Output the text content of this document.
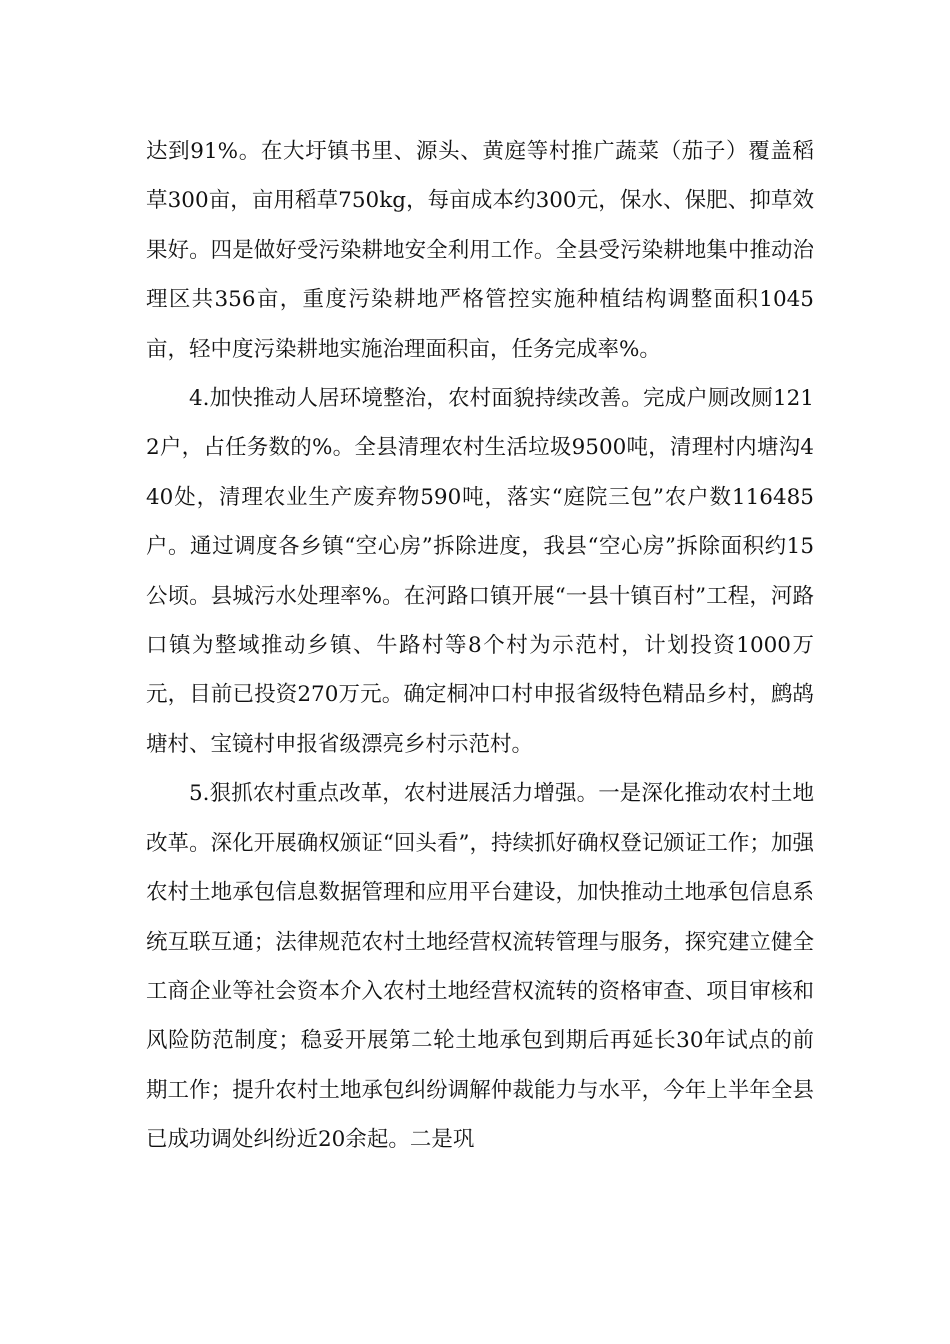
达到91%。在大圩镇书里、源头、黄庭等村推广蔬菜（茄子）覆盖稻草300亩，亩用稻草750kg，每亩成本约300元，保水、保肥、抑草效果好。四是做好受污染耕地安全利用工作。全县受污染耕地集中推动治理区共356亩，重度污染耕地严格管控实施种植结构调整面积1045亩，轻中度污染耕地实施治理面积亩，任务完成率%。

4.加快推动人居环境整治，农村面貌持续改善。完成户厕改厕1212户，占任务数的%。全县清理农村生活垃圾9500吨，清理村内塘沟440处，清理农业生产废弃物590吨，落实“庭院三包”农户数116485户。通过调度各乡镇“空心房”拆除进度，我县“空心房”拆除面积约15公顷。县城污水处理率%。在河路口镇开展“一县十镇百村”工程，河路口镇为整域推动乡镇、牛路村等8个村为示范村，计划投资1000万元，目前已投资270万元。确定桐冲口村申报省级特色精品乡村，鹧鸪塘村、宝镜村申报省级漂亮乡村示范村。

5.狠抓农村重点改革，农村进展活力增强。一是深化推动农村土地改革。深化开展确权颁证“回头看”，持续抓好确权登记颁证工作；加强农村土地承包信息数据管理和应用平台建设，加快推动土地承包信息系统互联互通；法律规范农村土地经营权流转管理与服务，探究建立健全工商企业等社会资本介入农村土地经营权流转的资格审查、项目审核和风险防范制度；稳妥开展第二轮土地承包到期后再延长30年试点的前期工作；提升农村土地承包纠纷调解仲裁能力与水平，今年上半年全县已成功调处纠纷近20余起。二是巩
